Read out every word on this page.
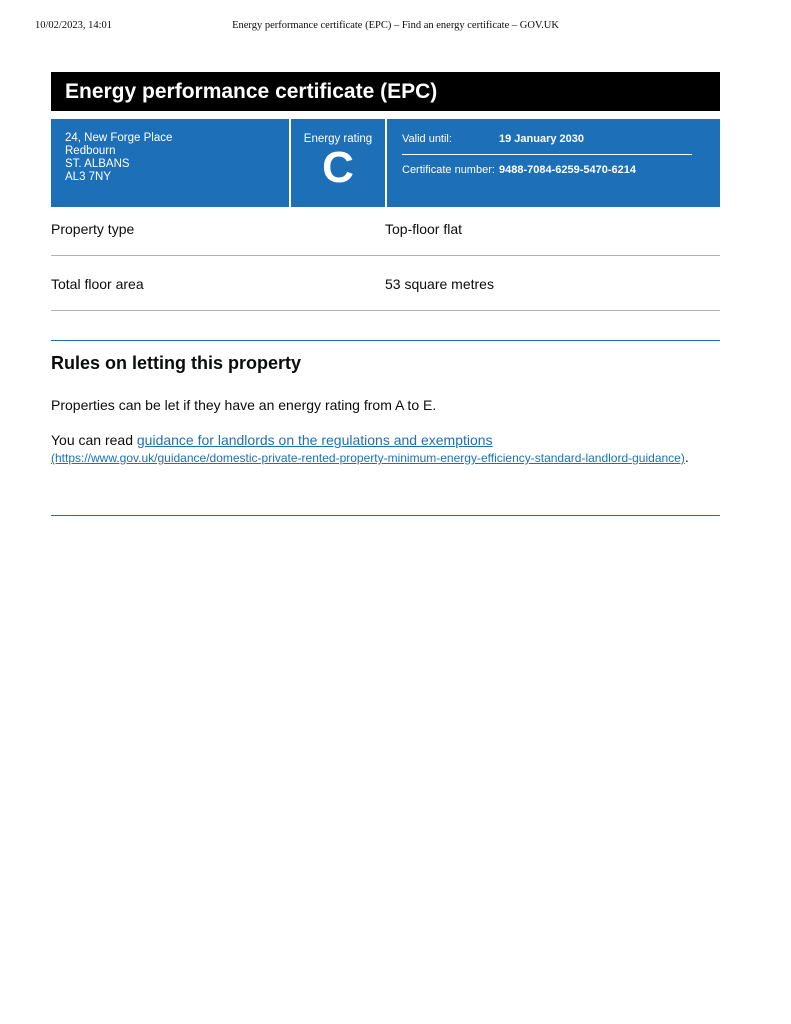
10/02/2023, 14:01	Energy performance certificate (EPC) – Find an energy certificate – GOV.UK
Energy performance certificate (EPC)
24, New Forge Place
Redbourn
ST. ALBANS
AL3 7NY
Energy rating
C
Valid until:	19 January 2030
Certificate number: 9488-7084-6259-5470-6214
Property type	Top-floor flat
Total floor area	53 square metres
Rules on letting this property
Properties can be let if they have an energy rating from A to E.
You can read guidance for landlords on the regulations and exemptions
(https://www.gov.uk/guidance/domestic-private-rented-property-minimum-energy-efficiency-standard-landlord-guidance).
